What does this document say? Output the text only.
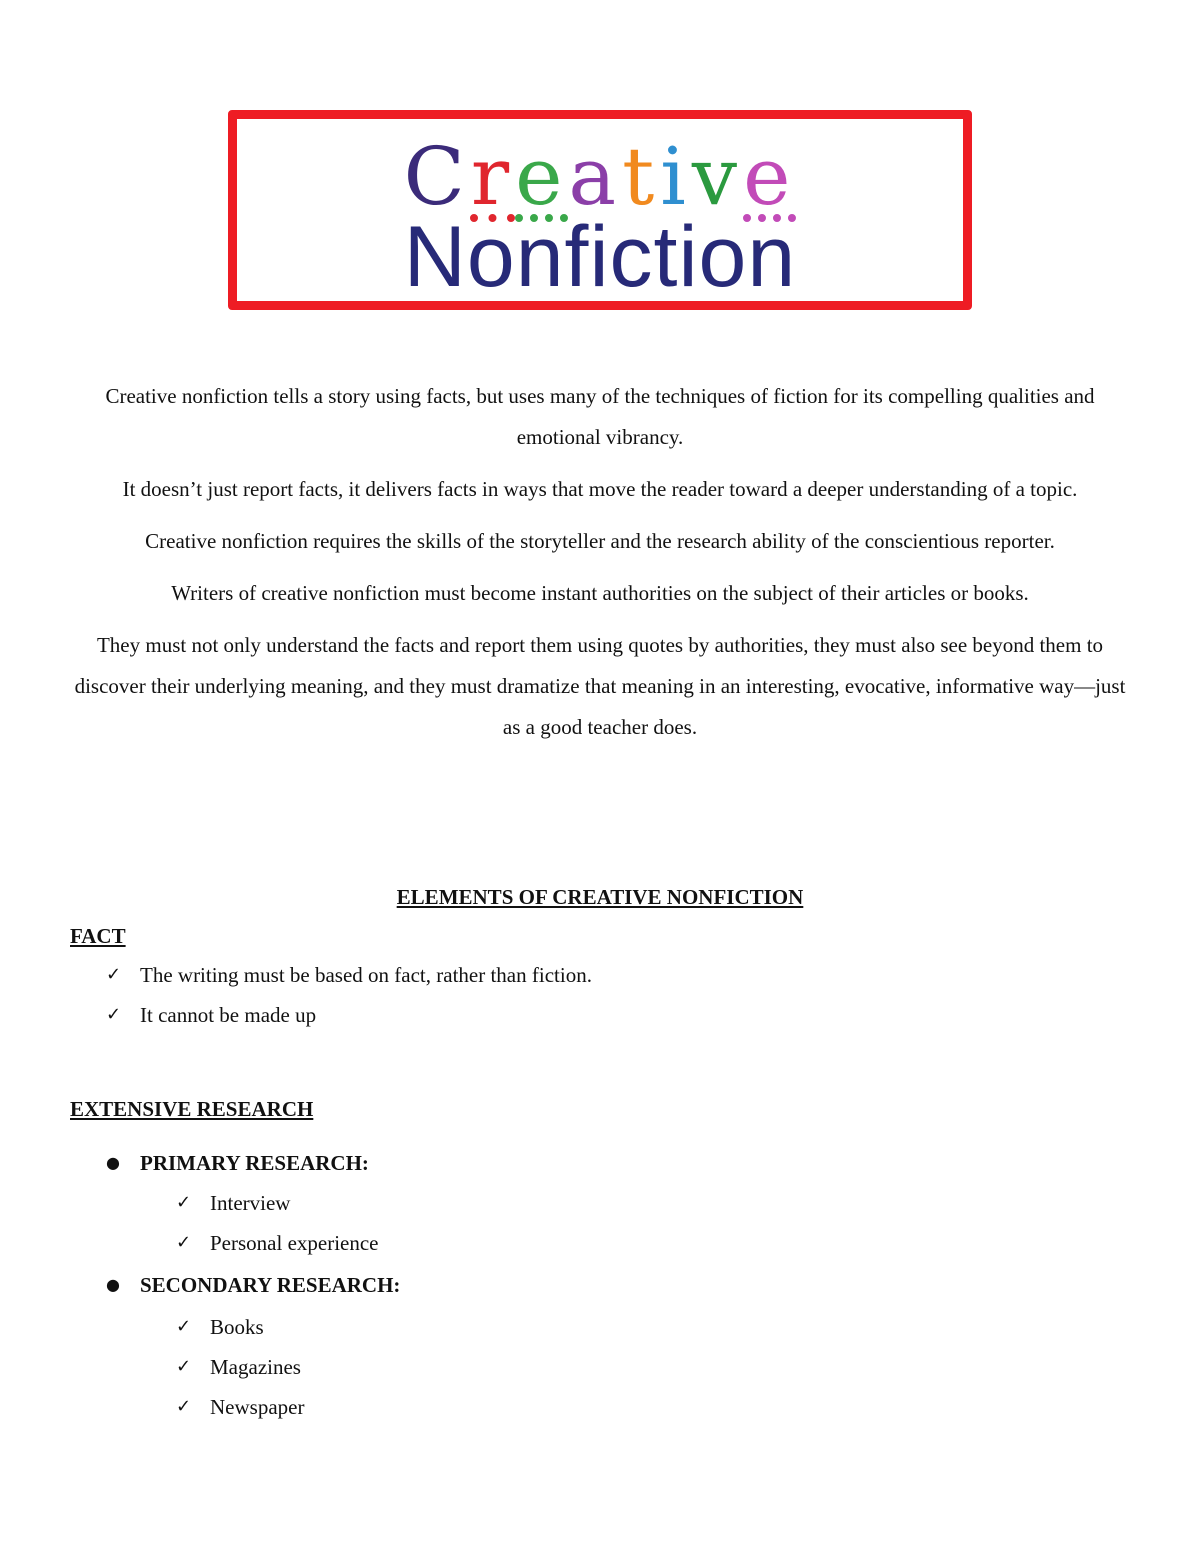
Creative
Nonfiction

Creative nonfiction tells a story using facts, but uses many of the techniques of fiction for its compelling qualities and emotional vibrancy.

It doesn’t just report facts, it delivers facts in ways that move the reader toward a deeper understanding of a topic.

Creative nonfiction requires the skills of the storyteller and the research ability of the conscientious reporter.

Writers of creative nonfiction must become instant authorities on the subject of their articles or books.

They must not only understand the facts and report them using quotes by authorities, they must also see beyond them to discover their underlying meaning, and they must dramatize that meaning in an interesting, evocative, informative way—just as a good teacher does.

ELEMENTS OF CREATIVE NONFICTION
FACT
✓ The writing must be based on fact, rather than fiction.
✓ It cannot be made up
EXTENSIVE RESEARCH
● PRIMARY RESEARCH:
✓ Interview
✓ Personal experience
● SECONDARY RESEARCH:
✓ Books
✓ Magazines
✓ Newspaper
